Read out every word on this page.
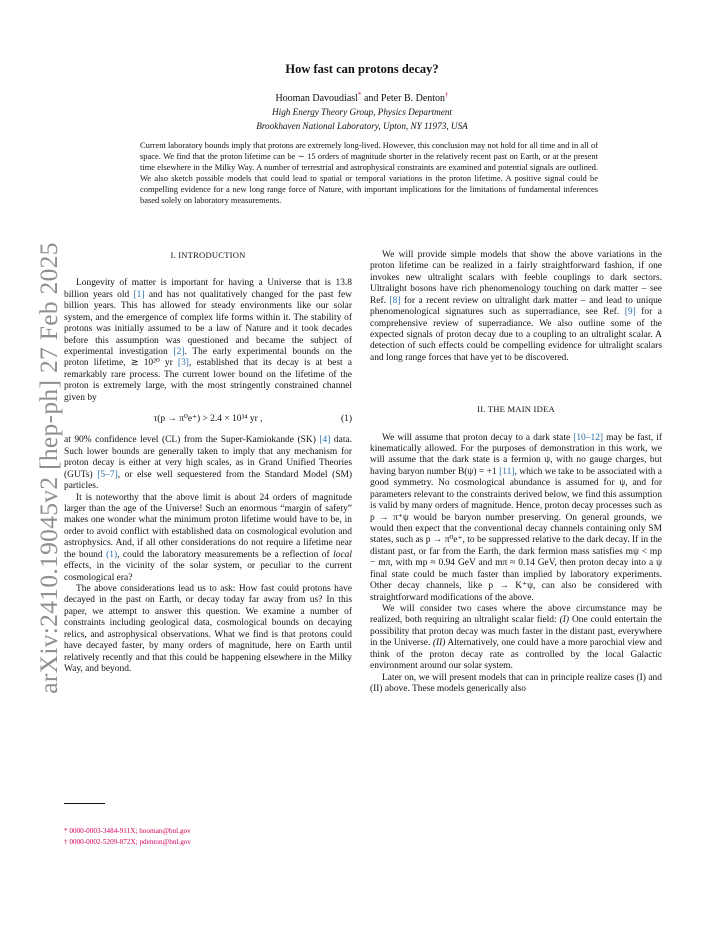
arXiv:2410.19045v2 [hep-ph] 27 Feb 2025
How fast can protons decay?
Hooman Davoudiasl* and Peter B. Denton†
High Energy Theory Group, Physics Department
Brookhaven National Laboratory, Upton, NY 11973, USA

Current laboratory bounds imply that protons are extremely long-lived. However, this conclusion may not hold for all time and in all of space. We find that the proton lifetime can be ∼ 15 orders of magnitude shorter in the relatively recent past on Earth, or at the present time elsewhere in the Milky Way. A number of terrestrial and astrophysical constraints are examined and potential signals are outlined. We also sketch possible models that could lead to spatial or temporal variations in the proton lifetime. A positive signal could be compelling evidence for a new long range force of Nature, with important implications for the limitations of fundamental inferences based solely on laboratory measurements.

I. INTRODUCTION

Longevity of matter is important for having a Universe that is 13.8 billion years old [1] and has not qualitatively changed for the past few billion years. This has allowed for steady environments like our solar system, and the emergence of complex life forms within it. The stability of protons was initially assumed to be a law of Nature and it took decades before this assumption was questioned and became the subject of experimental investigation [2]. The early experimental bounds on the proton lifetime, ≳ 10²⁰ yr [3], established that its decay is at best a remarkably rare process. The current lower bound on the lifetime of the proton is extremely large, with the most stringently constrained channel given by

τ(p → π⁰e⁺) > 2.4 × 10³⁴ yr ,	(1)

at 90% confidence level (CL) from the Super-Kamiokande (SK) [4] data. Such lower bounds are generally taken to imply that any mechanism for proton decay is either at very high scales, as in Grand Unified Theories (GUTs) [5–7], or else well sequestered from the Standard Model (SM) particles.

It is noteworthy that the above limit is about 24 orders of magnitude larger than the age of the Universe! Such an enormous “margin of safety” makes one wonder what the minimum proton lifetime would have to be, in order to avoid conflict with established data on cosmological evolution and astrophysics. And, if all other considerations do not require a lifetime near the bound (1), could the laboratory measurements be a reflection of local effects, in the vicinity of the solar system, or peculiar to the current cosmological era?

The above considerations lead us to ask: How fast could protons have decayed in the past on Earth, or decay today far away from us? In this paper, we attempt to answer this question. We examine a number of constraints including geological data, cosmological bounds on decaying relics, and astrophysical observations. What we find is that protons could have decayed faster, by many orders of magnitude, here on Earth until relatively recently and that this could be happening elsewhere in the Milky Way, and beyond.

We will provide simple models that show the above variations in the proton lifetime can be realized in a fairly straightforward fashion, if one invokes new ultralight scalars with feeble couplings to dark sectors. Ultralight bosons have rich phenomenology touching on dark matter – see Ref. [8] for a recent review on ultralight dark matter – and lead to unique phenomenological signatures such as superradiance, see Ref. [9] for a comprehensive review of superradiance. We also outline some of the expected signals of proton decay due to a coupling to an ultralight scalar. A detection of such effects could be compelling evidence for ultralight scalars and long range forces that have yet to be discovered.

II. THE MAIN IDEA

We will assume that proton decay to a dark state [10–12] may be fast, if kinematically allowed. For the purposes of demonstration in this work, we will assume that the dark state is a fermion ψ, with no gauge charges, but having baryon number B(ψ) = +1 [11], which we take to be associated with a good symmetry. No cosmological abundance is assumed for ψ, and for parameters relevant to the constraints derived below, we find this assumption is valid by many orders of magnitude. Hence, proton decay processes such as p → π⁺ψ would be baryon number preserving. On general grounds, we would then expect that the conventional decay channels containing only SM states, such as p → π⁰e⁺, to be suppressed relative to the dark decay. If in the distant past, or far from the Earth, the dark fermion mass satisfies mψ < mp − mπ, with mp ≈ 0.94 GeV and mπ ≈ 0.14 GeV, then proton decay into a ψ final state could be much faster than implied by laboratory experiments. Other decay channels, like p → K⁺ψ, can also be considered with straightforward modifications of the above.

We will consider two cases where the above circumstance may be realized, both requiring an ultralight scalar field: (I) One could entertain the possibility that proton decay was much faster in the distant past, everywhere in the Universe. (II) Alternatively, one could have a more parochial view and think of the proton decay rate as controlled by the local Galactic environment around our solar system.

Later on, we will present models that can in principle realize cases (I) and (II) above. These models generically also

* 0000-0003-3484-911X; hooman@bnl.gov
† 0000-0002-5209-872X; pdenton@bnl.gov
